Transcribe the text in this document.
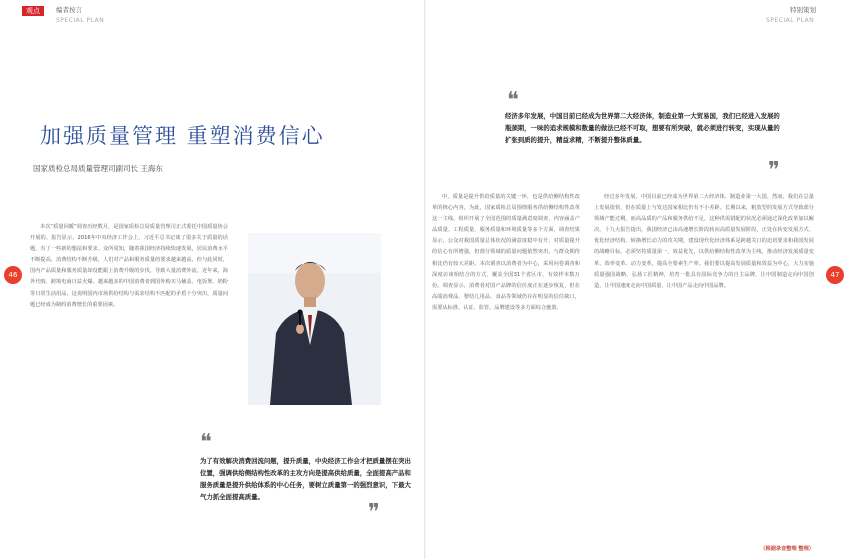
观点	编者按言
SPECIAL PLAN
特别策划
SPECIAL PLAN
加强质量管理 重塑消费信心
国家质检总局质量管理司副司长 王海东
46	47
❝
经济多年发展，中国目前已经成为世界第二大经济体，制造业第一大贸易国，我们已经进入发展的瓶颈期，一味的追求规模和数量的做法已经不可取，想要有所突破，就必须进行转变，实现从量的扩张到质的提升，精益求精，不断提升整体质量。
❞
本次“质量回暖”调查历经数月，是国家质检总局质量管理司正式委托中国质量协会开展的。报告显示，2016年中央经济工作会上，习近平总书记谈了很多关于质量的话题，有了一些新的想法和要求。众所周知，随着我国经济持续快速发展，居民消费水平不断提高，消费结构不断升级，人们对产品和服务质量的要求越来越高，但与此同时，国内产品质量和服务质量却没能跟上消费升级的步伐，导致大量消费外流。近年来，海外代购、跨境电商日益火爆，越来越多的中国消费者到国外购买马桶盖、电饭煲、奶粉等日常生活用品，这说明国内市场供给结构与需求结构不匹配的矛盾十分突出，质量问题已经成为制约消费增长的重要因素。
❝
为了有效解决消费回流问题，提升质量，中央经济工作会才把质量摆在突出位置，强调供给侧结构性改革的主攻方向是提高供给质量，全面提高产品和服务质量是提升供给体系的中心任务，要树立质量第一的强烈意识，下最大气力抓全面提高质量。
❞
中，质量是提升供给质量的关键一环，也是供给侧结构性改革的核心内容。为此，国家质检总局围绕服务供给侧结构性改革这一主线，组织开展了全国范围的质量满意度调查，内容涵盖产品质量、工程质量、服务质量和环境质量等多个方面，调查结果显示，公众对我国质量总体状况的满意度稳中有升，对质量提升的信心有所增强，但部分领域的质量问题依然突出，与群众期待相比仍有较大差距。本次调查以消费者为中心，采用问卷调查和深度访谈相结合的方式，覆盖全国31个省区市，有效样本数万份。调查显示，消费者对国产品牌的信任度正在逐步恢复，但在高端消费品、婴幼儿用品、食品等领域仍存在明显的信任缺口，需要从标准、认证、监管、品牌建设等多方面综合施策。
经过多年发展，中国目前已经成为世界第二大经济体、制造业第一大国。然而，我们在总量上发展很快，但在质量上与发达国家相比仍有不小差距。长期以来，粗放型的发展方式导致部分领域产能过剩，而高品质的产品和服务供给不足，这种供需错配的状况必须通过深化改革加以解决。十九大报告提出，我国经济已由高速增长阶段转向高质量发展阶段，正处在转变发展方式、优化经济结构、转换增长动力的攻关期，建设现代化经济体系是跨越关口的迫切要求和我国发展的战略目标。必须坚持质量第一、效益优先，以供给侧结构性改革为主线，推动经济发展质量变革、效率变革、动力变革，提高全要素生产率。我们要以提高发展质量和效益为中心，大力实施质量强国战略，弘扬工匠精神，培育一批具有国际竞争力的自主品牌，让中国制造走向中国创造，让中国速度走向中国质量，让中国产品走向中国品牌。
（根据录音整理 整理）
